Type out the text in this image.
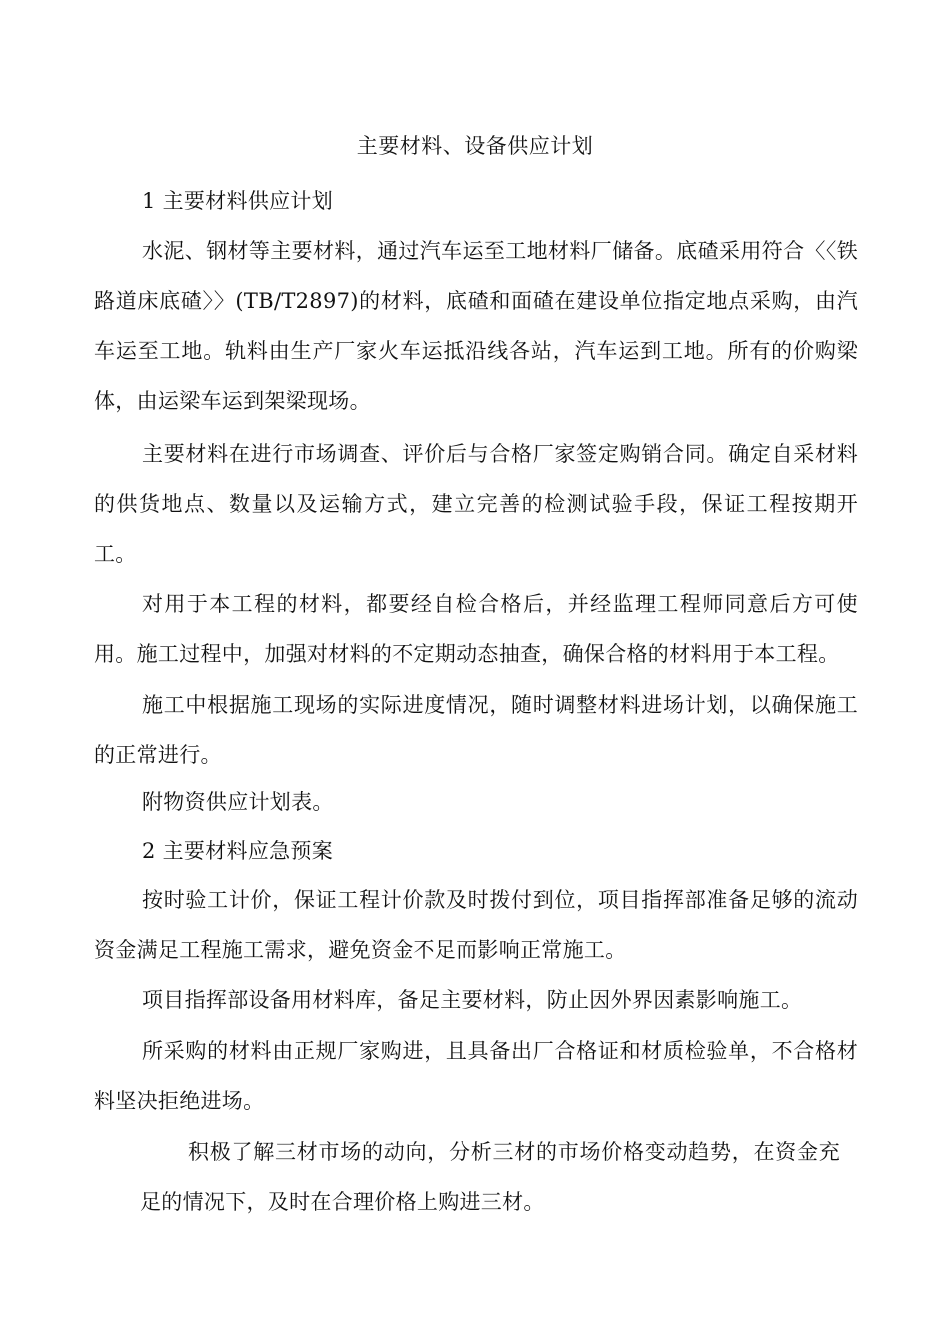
主要材料、设备供应计划

1 主要材料供应计划

水泥、钢材等主要材料，通过汽车运至工地材料厂储备。底碴采用符合〈〈铁路道床底碴〉〉(TB/T2897)的材料，底碴和面碴在建设单位指定地点采购，由汽车运至工地。轨料由生产厂家火车运抵沿线各站，汽车运到工地。所有的价购梁体，由运梁车运到架梁现场。

主要材料在进行市场调查、评价后与合格厂家签定购销合同。确定自采材料的供货地点、数量以及运输方式，建立完善的检测试验手段，保证工程按期开工。

对用于本工程的材料，都要经自检合格后，并经监理工程师同意后方可使用。施工过程中，加强对材料的不定期动态抽查，确保合格的材料用于本工程。

施工中根据施工现场的实际进度情况，随时调整材料进场计划，以确保施工的正常进行。

附物资供应计划表。

2 主要材料应急预案

按时验工计价，保证工程计价款及时拨付到位，项目指挥部准备足够的流动资金满足工程施工需求，避免资金不足而影响正常施工。

项目指挥部设备用材料库，备足主要材料，防止因外界因素影响施工。

所采购的材料由正规厂家购进，且具备出厂合格证和材质检验单，不合格材料坚决拒绝进场。

积极了解三材市场的动向，分析三材的市场价格变动趋势，在资金充足的情况下，及时在合理价格上购进三材。
